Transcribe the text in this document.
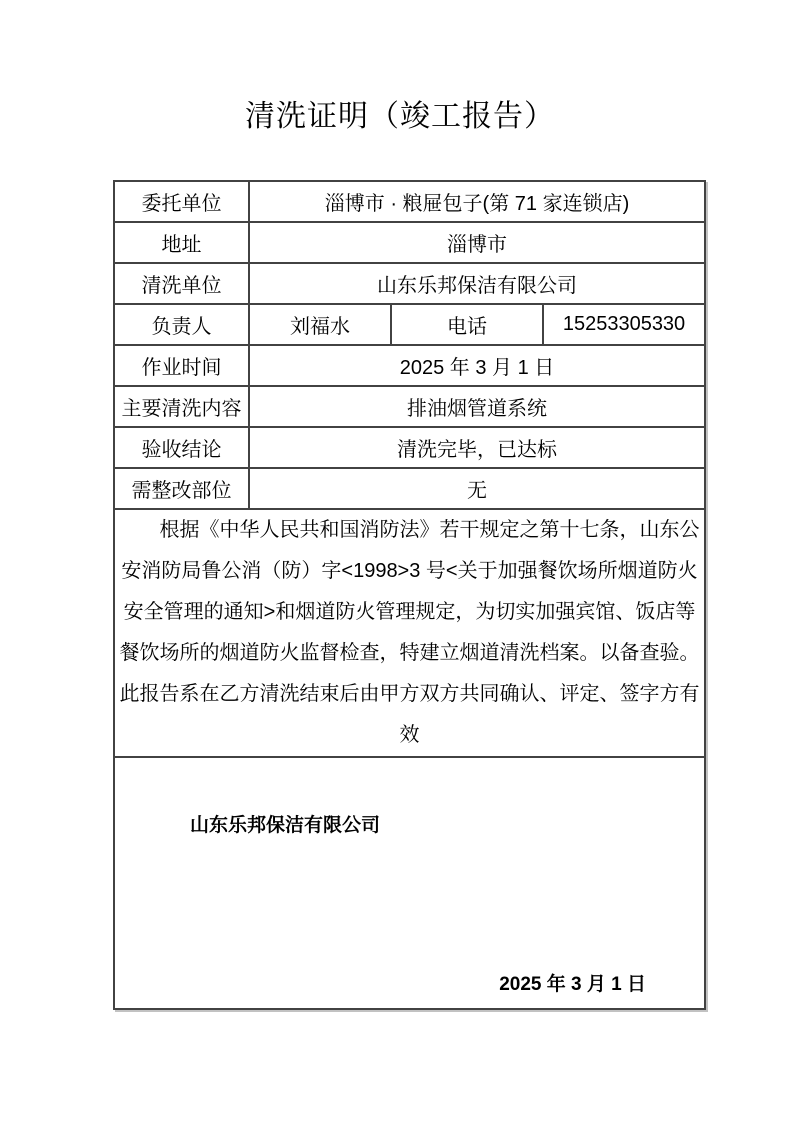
清洗证明（竣工报告）
委托单位	淄博市 · 粮屉包子(第 71 家连锁店)		
地址	淄博市		
清洗单位	山东乐邦保洁有限公司		
负责人	刘福水	电话	15253305330
作业时间	2025 年 3 月 1 日		
主要清洗内容	排油烟管道系统		
验收结论	清洗完毕，已达标		
需整改部位	无		
根据《中华人民共和国消防法》若干规定之第十七条，山东公安消防局鲁公消（防）字<1998>3 号<关于加强餐饮场所烟道防火安全管理的通知>和烟道防火管理规定，为切实加强宾馆、饭店等餐饮场所的烟道防火监督检查，特建立烟道清洗档案。以备查验。此报告系在乙方清洗结束后由甲方双方共同确认、评定、签字方有效			

山东乐邦保洁有限公司
2025 年 3 月 1 日			
